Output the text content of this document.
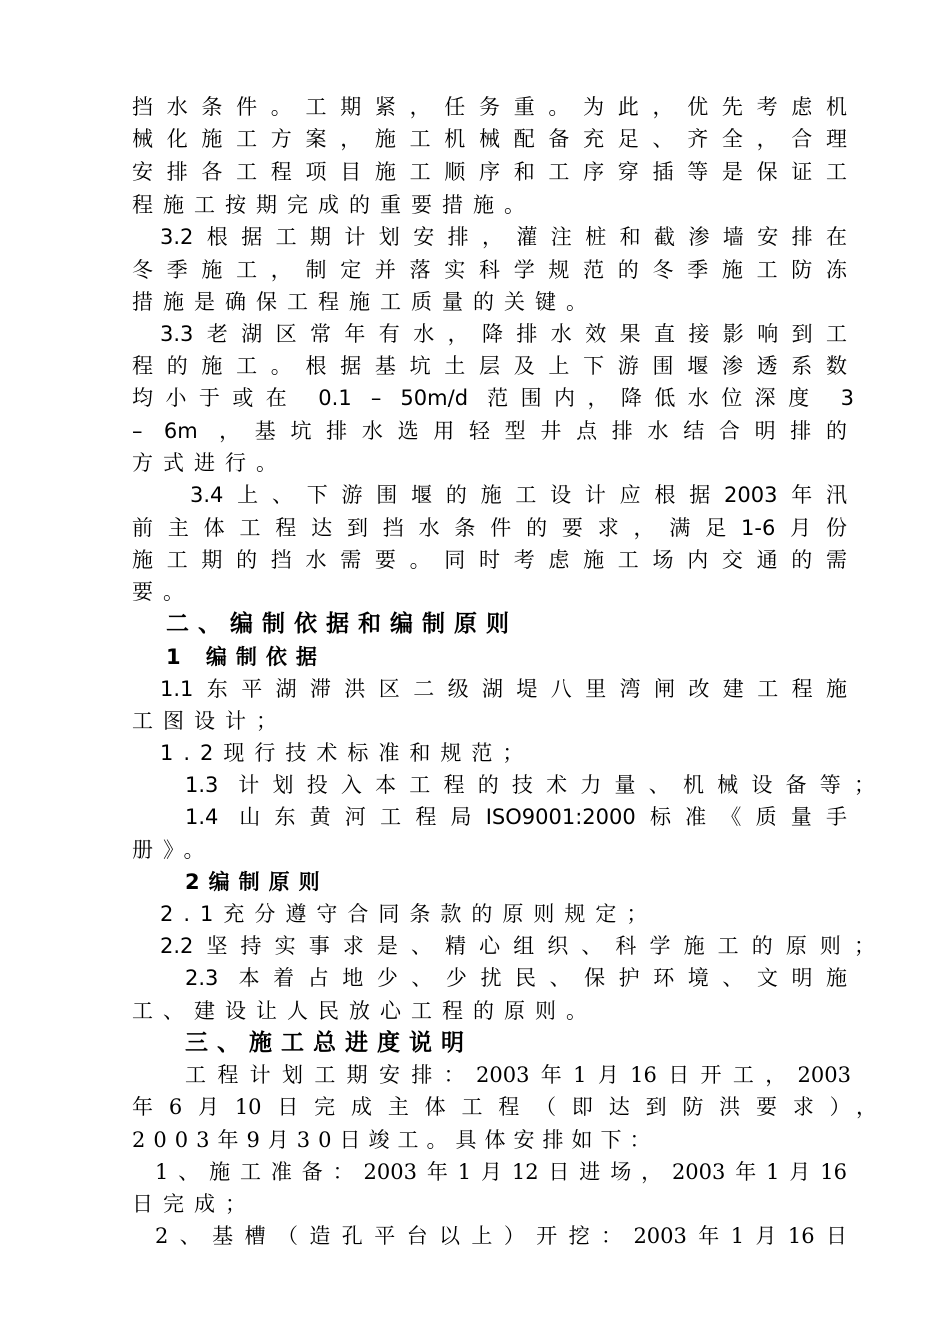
挡水条件。工期紧，任务重。为此，优先考虑机
械化施工方案，施工机械配备充足、齐全，合理
安排各工程项目施工顺序和工序穿插等是保证工
程施工按期完成的重要措施。
3.2根据工期计划安排，灌注桩和截渗墙安排在
冬季施工，制定并落实科学规范的冬季施工防冻
措施是确保工程施工质量的关键。
3.3老湖区常年有水，降排水效果直接影响到工
程的施工。根据基坑土层及上下游围堰渗透系数
均小于或在 0.1 – 50m/d 范围内，降低水位深度 3
– 6m ，基坑排水选用轻型井点排水结合明排的
方式进行。
3.4上、下游围堰的施工设计应根据2003年汛
前主体工程达到挡水条件的要求，满足1-6月份
施工期的挡水需要。同时考虑施工场内交通的需
要。
二、编制依据和编制原则
1 编制依据
1.1东平湖滞洪区二级湖堤八里湾闸改建工程施
工图设计；
1.2现行技术标准和规范；
1.3 计划投入本工程的技术力量、机械设备等；
1.4 山东黄河工程局ISO9001:2000标准《质量手
册》。
2编制原则
2.1充分遵守合同条款的原则规定；
2.2坚持实事求是、精心组织、科学施工的原则；
2.3 本着占地少、少扰民、保护环境、文明施
工、建设让人民放心工程的原则。
三、施工总进度说明
工程计划工期安排：2003年1月16日开工，2003
年6月10日完成主体工程（即达到防洪要求），
2003年9月30日竣工。具体安排如下：
1、施工准备：2003年1月12日进场，2003年1月16
日完成；
2、基槽（造孔平台以上）开挖：2003年1月16日
